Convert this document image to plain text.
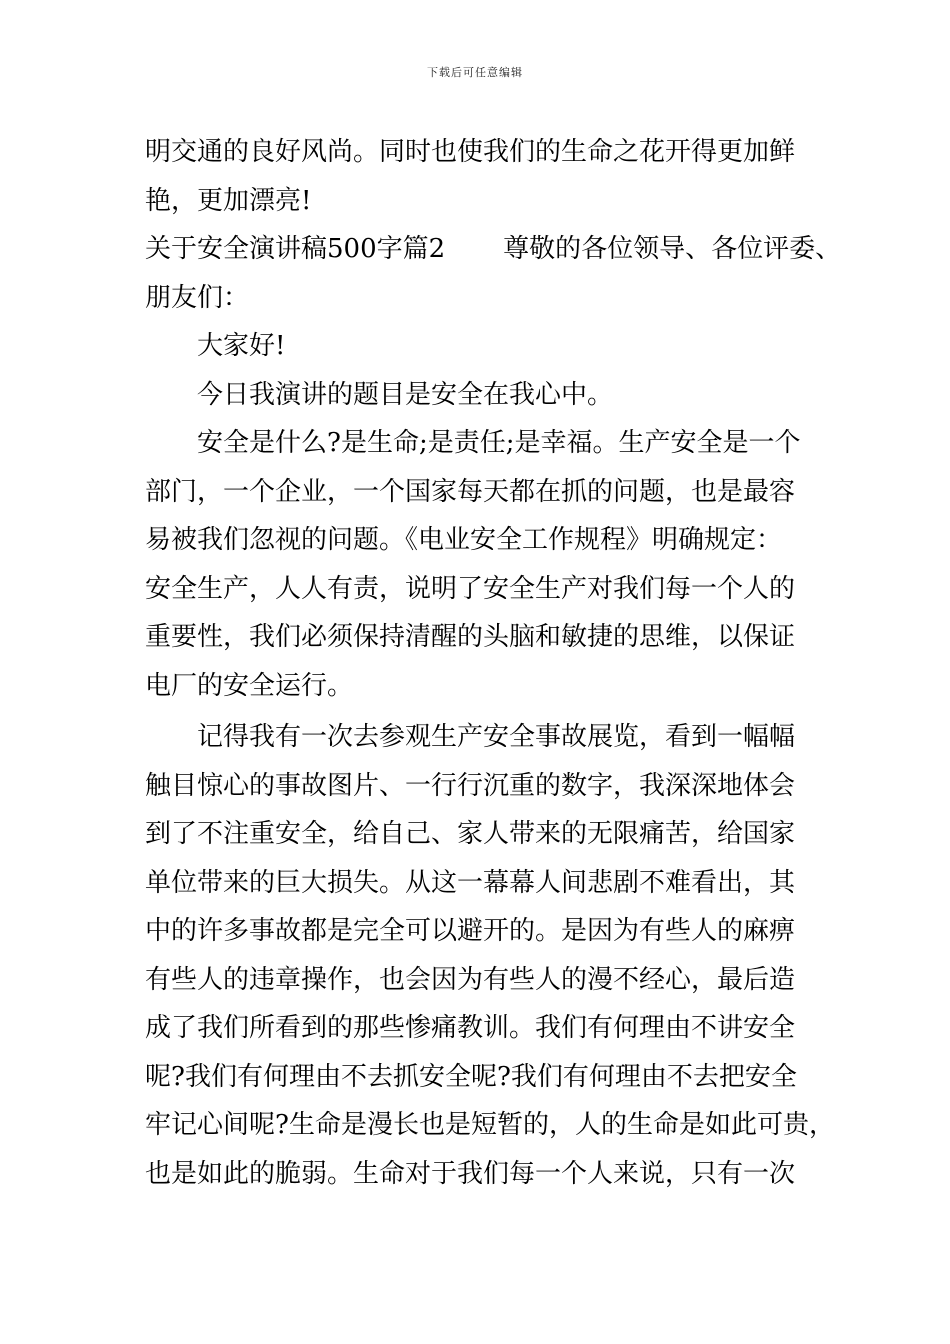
下载后可任意编辑
明交通的良好风尚。同时也使我们的生命之花开得更加鲜
艳，更加漂亮!
关于安全演讲稿500字篇2 尊敬的各位领导、各位评委、
朋友们：
大家好!
今日我演讲的题目是安全在我心中。
安全是什么?是生命;是责任;是幸福。生产安全是一个
部门，一个企业，一个国家每天都在抓的问题，也是最容
易被我们忽视的问题。《电业安全工作规程》明确规定：
安全生产，人人有责，说明了安全生产对我们每一个人的
重要性，我们必须保持清醒的头脑和敏捷的思维，以保证
电厂的安全运行。
记得我有一次去参观生产安全事故展览，看到一幅幅
触目惊心的事故图片、一行行沉重的数字，我深深地体会
到了不注重安全，给自己、家人带来的无限痛苦，给国家
单位带来的巨大损失。从这一幕幕人间悲剧不难看出，其
中的许多事故都是完全可以避开的。是因为有些人的麻痹
有些人的违章操作，也会因为有些人的漫不经心，最后造
成了我们所看到的那些惨痛教训。我们有何理由不讲安全
呢?我们有何理由不去抓安全呢?我们有何理由不去把安全
牢记心间呢?生命是漫长也是短暂的，人的生命是如此可贵，
也是如此的脆弱。生命对于我们每一个人来说，只有一次
